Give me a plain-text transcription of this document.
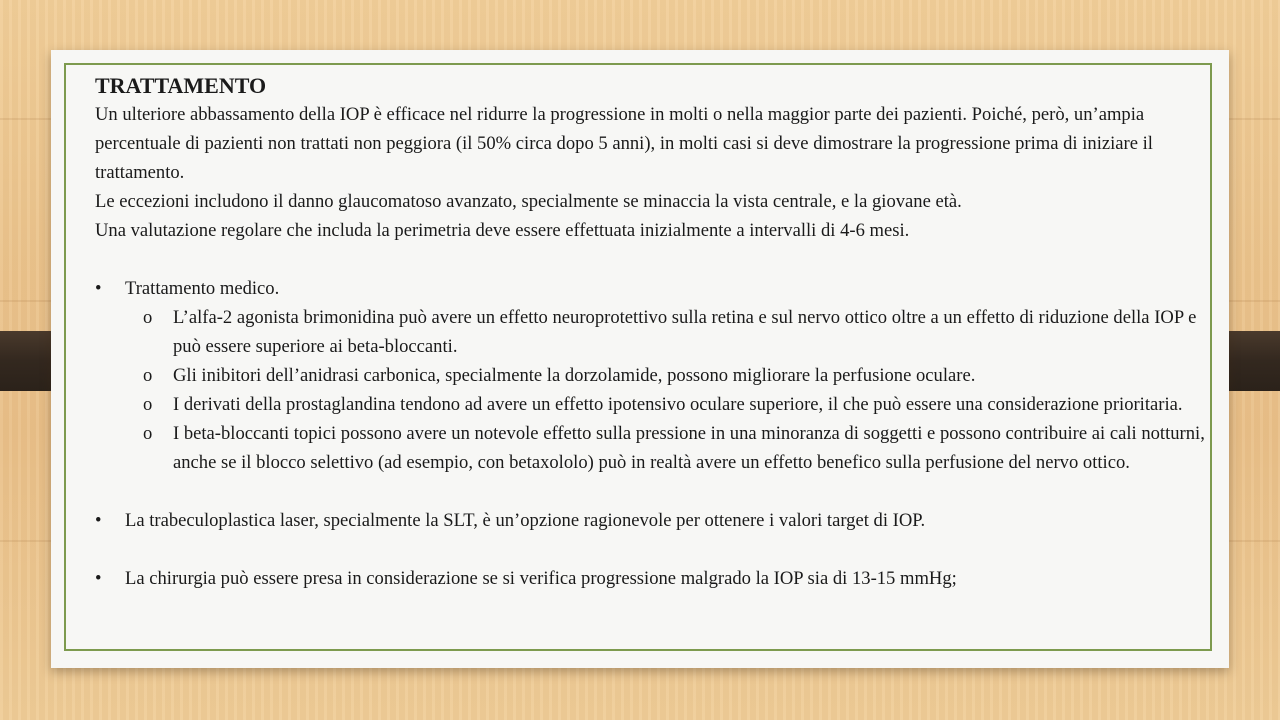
TRATTAMENTO

Un ulteriore abbassamento della IOP è efficace nel ridurre la progressione in molti o nella maggior parte dei pazienti. Poiché, però, un’ampia percentuale di pazienti non trattati non peggiora (il 50% circa dopo 5 anni), in molti casi si deve dimostrare la progressione prima di iniziare il trattamento.

Le eccezioni includono il danno glaucomatoso avanzato, specialmente se minaccia la vista centrale, e la giovane età.

Una valutazione regolare che includa la perimetria deve essere effettuata inizialmente a intervalli di 4-6 mesi.

•	Trattamento medico.
o	L’alfa-2 agonista brimonidina può avere un effetto neuroprotettivo sulla retina e sul nervo ottico oltre a un effetto di riduzione della IOP e può essere superiore ai beta-bloccanti.
o	Gli inibitori dell’anidrasi carbonica, specialmente la dorzolamide, possono migliorare la perfusione oculare.
o	I derivati della prostaglandina tendono ad avere un effetto ipotensivo oculare superiore, il che può essere una considerazione prioritaria.
o	I beta-bloccanti topici possono avere un notevole effetto sulla pressione in una minoranza di soggetti e possono contribuire ai cali notturni, anche se il blocco selettivo (ad esempio, con betaxololo) può in realtà avere un effetto benefico sulla perfusione del nervo ottico.
•	La trabeculoplastica laser, specialmente la SLT, è un’opzione ragionevole per ottenere i valori target di IOP.
•	La chirurgia può essere presa in considerazione se si verifica progressione malgrado la IOP sia di 13-15 mmHg;
